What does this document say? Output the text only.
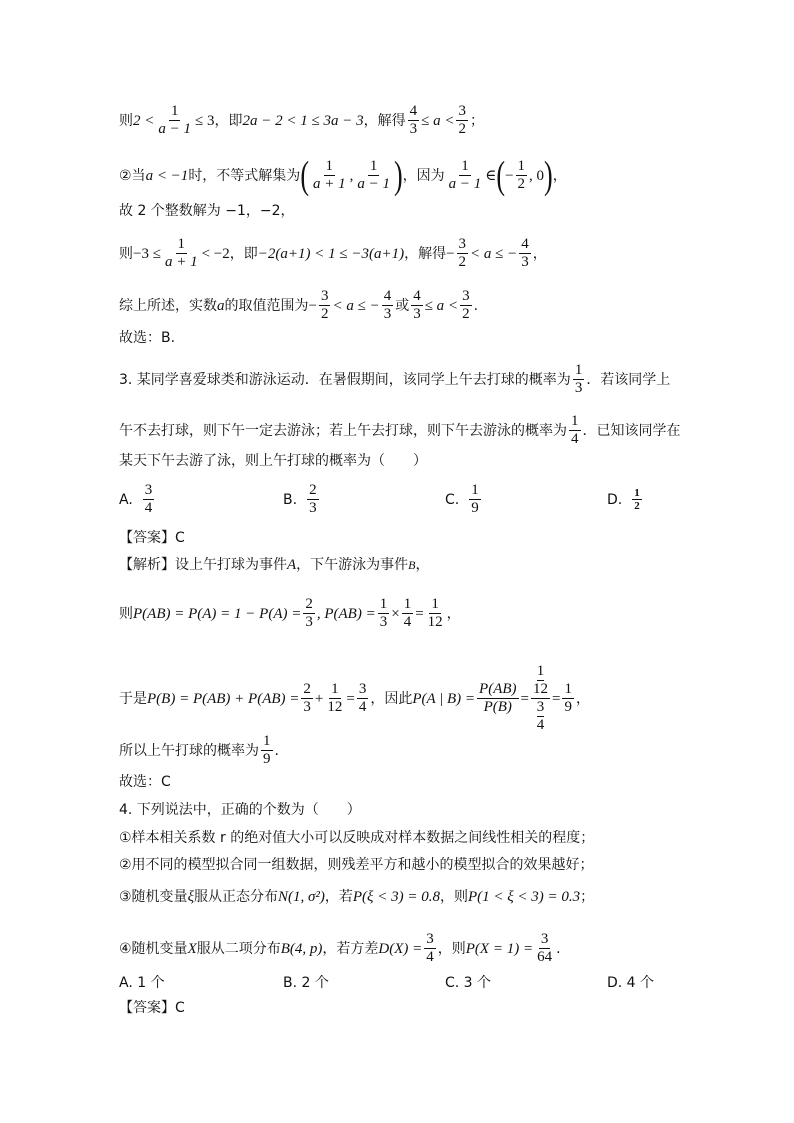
则 $2 < \frac{1}{a - 1} \le 3$ ，即 2a − 2 < 1 ≤ 3a − 3 ，解得 $\frac{4}{3} \le a < \frac{3}{2}$ ；
②当 a < −1 时，不等式解集为 ( $\frac{1}{a + 1}$ , $\frac{1}{a - 1}$ ) ，因为 $\frac{1}{a - 1}$ ∈ ( − $\frac{1}{2}$ , 0 ) ，
故 2 个整数解为 −1，−2，
则 $-3 \le \frac{1}{a + 1} < -2$ ，即 −2(a+1) < 1 ≤ −3(a+1) ，解得 − $\frac{3}{2} < a$ ≤ − $\frac{4}{3}$ ，
综上所述，实数 a 的取值范围为 − $\frac{3}{2} < a$ ≤ − $\frac{4}{3}$ 或 $\frac{4}{3} \le a < \frac{3}{2}$ .
故选：B.
3. 某同学喜爱球类和游泳运动．在暑假期间，该同学上午去打球的概率为 $\frac{1}{3}$ ．若该同学上
午不去打球，则下午一定去游泳；若上午去打球，则下午去游泳的概率为 $\frac{1}{4}$ ．已知该同学在
某天下午去游了泳，则上午打球的概率为（　　）
A. $\frac{3}{4}$	B. $\frac{2}{3}$	C. $\frac{1}{9}$	D. $\frac{1}{2}$
【答案】C
【解析】设上午打球为事件 A ，下午游泳为事件 B ，
则 $P(AB) = P(A) = 1 - P(A) = \frac{2}{3}$ , $P(AB) = \frac{1}{3} \times \frac{1}{4} = \frac{1}{12}$ ，
于是 $P(B) = P(AB) + P(AB) = \frac{2}{3} + \frac{1}{12} = \frac{3}{4}$ ，因此 P(A | $B) = \frac{P(AB)}{P(B)} = 1$
12
3
$4 = \frac{1}{9}$ ，
所以上午打球的概率为 $\frac{1}{9}$ .
故选：C
4. 下列说法中，正确的个数为（　　）
①样本相关系数 r 的绝对值大小可以反映成对样本数据之间线性相关的程度；
②用不同的模型拟合同一组数据，则残差平方和越小的模型拟合的效果越好；
③随机变量 ξ 服从正态分布 N(1, σ²) ，若 P(ξ < 3) = 0.8 ，则 P(1 < ξ < 3) = 0.3 ；
④随机变量 X 服从二项分布 B(4, p) ，若方差 $D(X) = \frac{3}{4}$ ，则 $P(X = 1) = \frac{3}{64}$ .
A. 1 个	B. 2 个	C. 3 个	D. 4 个
【答案】C
